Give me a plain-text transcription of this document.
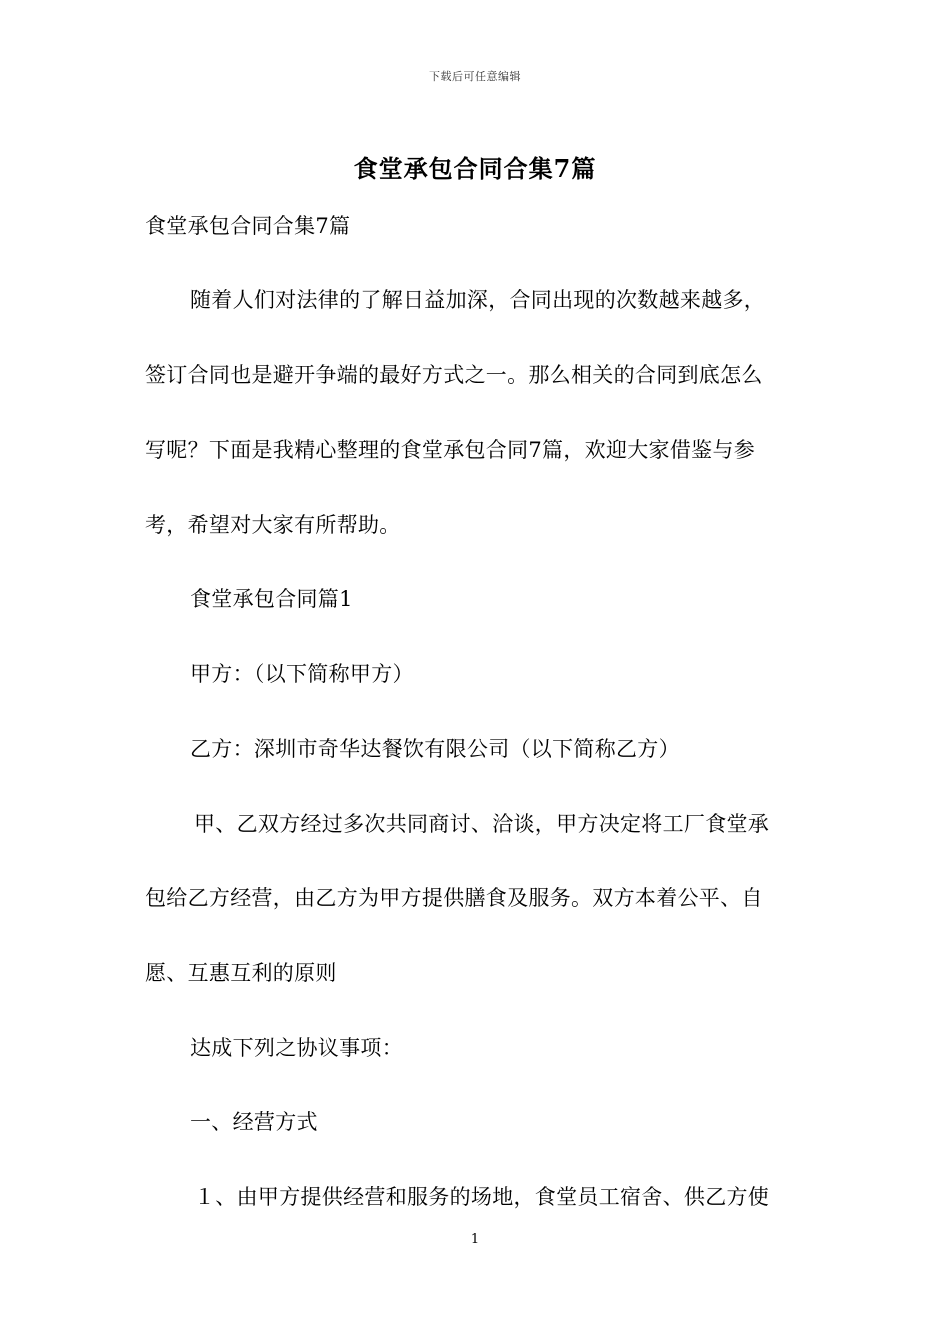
下载后可任意编辑
食堂承包合同合集7篇
食堂承包合同合集7篇
随着人们对法律的了解日益加深，合同出现的次数越来越多，
签订合同也是避开争端的最好方式之一。那么相关的合同到底怎么
写呢？下面是我精心整理的食堂承包合同7篇，欢迎大家借鉴与参
考，希望对大家有所帮助。
食堂承包合同篇1
甲方：（以下简称甲方）
乙方：深圳市奇华达餐饮有限公司（以下简称乙方）
甲、乙双方经过多次共同商讨、洽谈，甲方决定将工厂食堂承
包给乙方经营，由乙方为甲方提供膳食及服务。双方本着公平、自
愿、互惠互利的原则
达成下列之协议事项：
一、经营方式
１、由甲方提供经营和服务的场地，食堂员工宿舍、供乙方使
1
